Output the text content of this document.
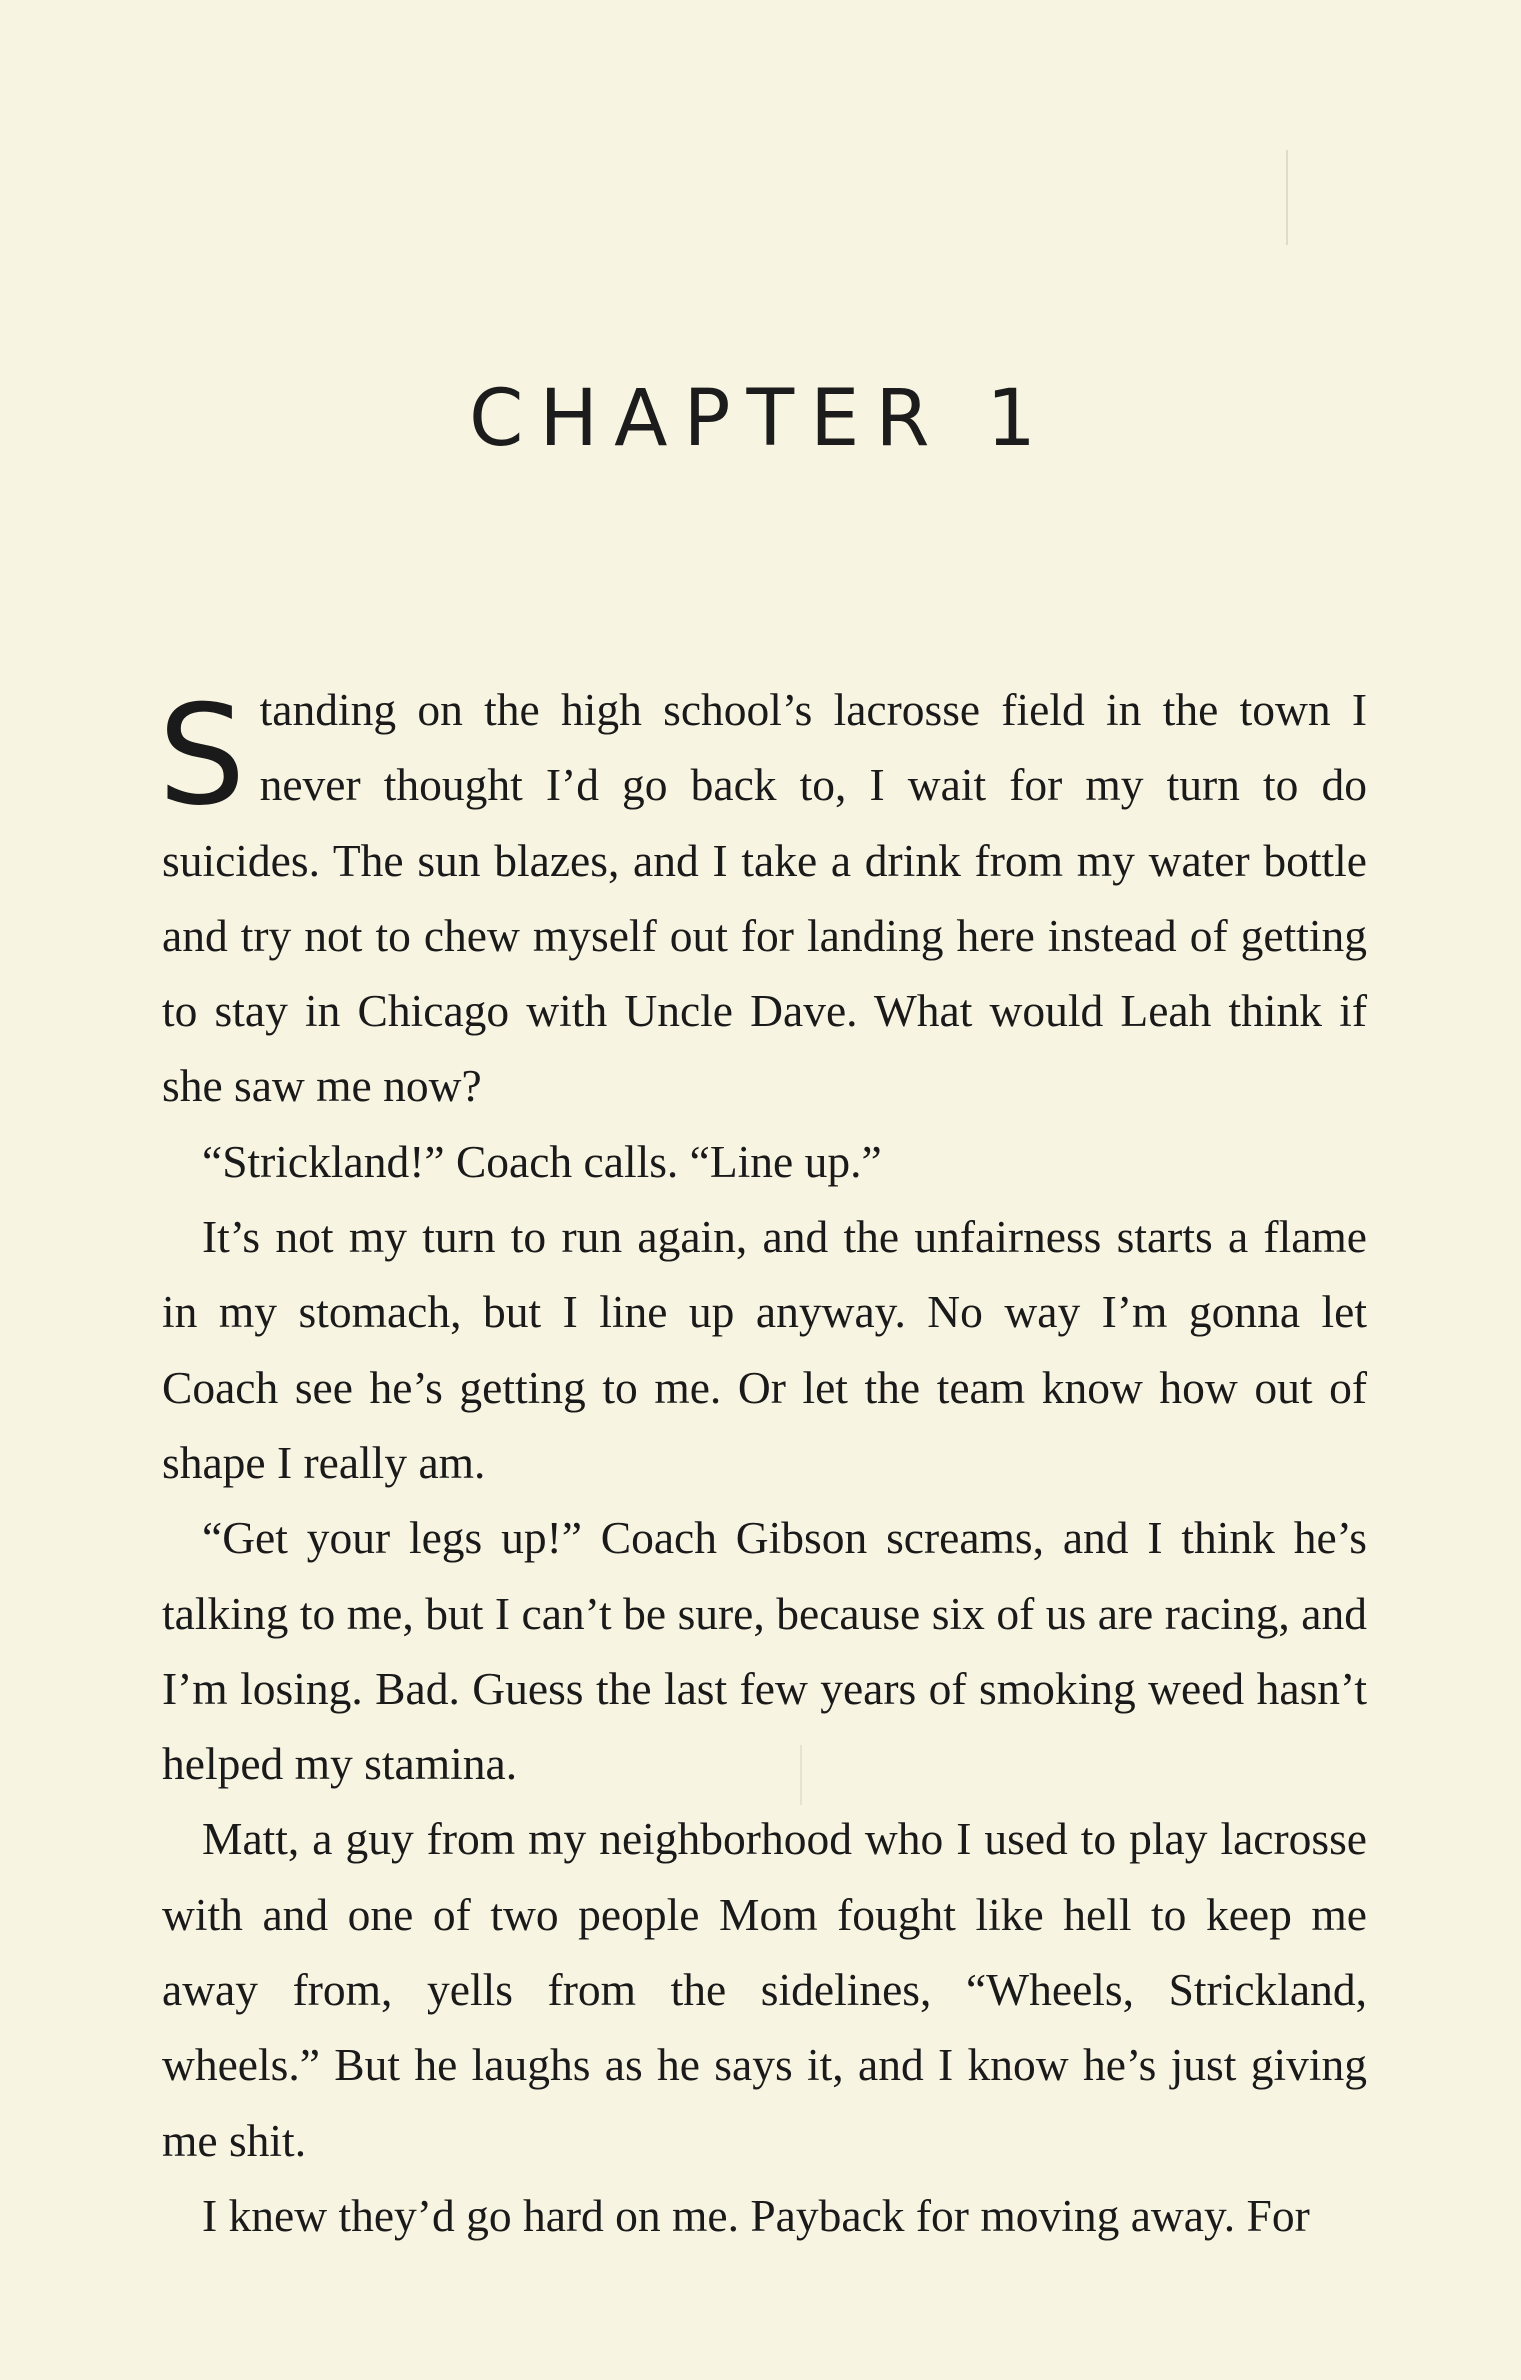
CHAPTER 1

Standing on the high school’s lacrosse field in the town I never thought I’d go back to, I wait for my turn to do suicides. The sun blazes, and I take a drink from my water bottle and try not to chew myself out for landing here instead of getting to stay in Chicago with Uncle Dave. What would Leah think if she saw me now?

“Strickland!” Coach calls. “Line up.”

It’s not my turn to run again, and the unfairness starts a flame in my stomach, but I line up anyway. No way I’m gonna let Coach see he’s getting to me. Or let the team know how out of shape I really am.

“Get your legs up!” Coach Gibson screams, and I think he’s talking to me, but I can’t be sure, because six of us are racing, and I’m losing. Bad. Guess the last few years of smoking weed hasn’t helped my stamina.

Matt, a guy from my neighborhood who I used to play lacrosse with and one of two people Mom fought like hell to keep me away from, yells from the sidelines, “Wheels, Strickland, wheels.” But he laughs as he says it, and I know he’s just giving me shit.

I knew they’d go hard on me. Payback for moving away. For
